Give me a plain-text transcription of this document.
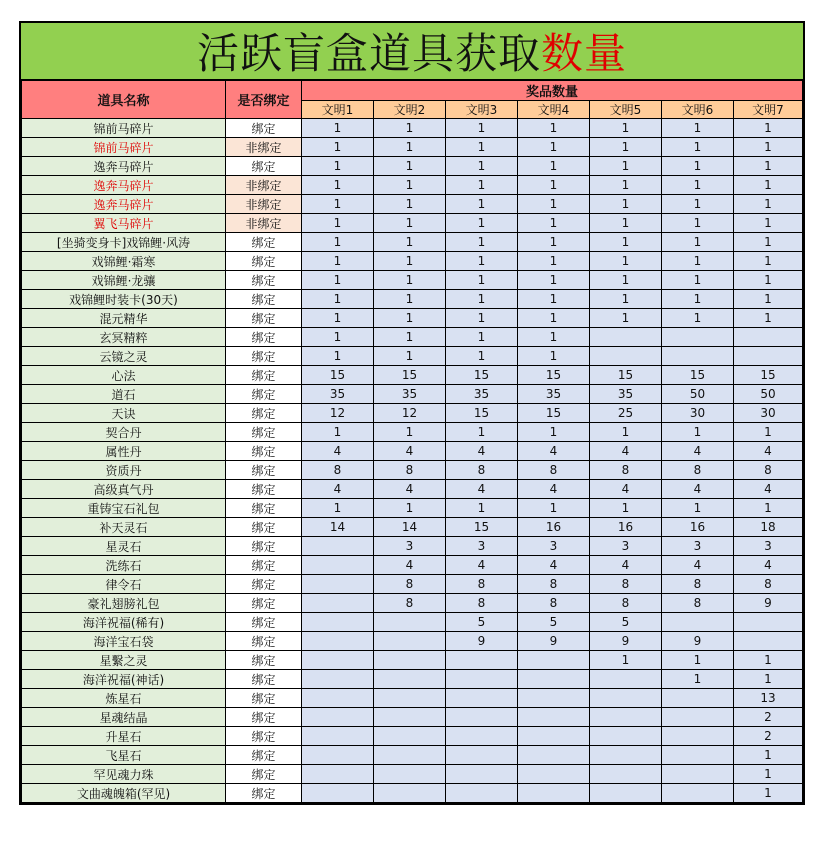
活跃盲盒道具获取 数量
道具名称	是否绑定	奖品数量						
		文明1	文明2	文明3	文明4	文明5	文明6	文明7
锦前马碎片	绑定	1	1	1	1	1	1	1
锦前马碎片	非绑定	1	1	1	1	1	1	1
逸奔马碎片	绑定	1	1	1	1	1	1	1
逸奔马碎片	非绑定	1	1	1	1	1	1	1
逸奔马碎片	非绑定	1	1	1	1	1	1	1
翼飞马碎片	非绑定	1	1	1	1	1	1	1
[坐骑变身卡]戏锦鲤·风涛	绑定	1	1	1	1	1	1	1
戏锦鲤·霜寒	绑定	1	1	1	1	1	1	1
戏锦鲤·龙骧	绑定	1	1	1	1	1	1	1
戏锦鲤时装卡(30天)	绑定	1	1	1	1	1	1	1
混元精华	绑定	1	1	1	1	1	1	1
玄冥精粹	绑定	1	1	1	1			
云镜之灵	绑定	1	1	1	1			
心法	绑定	15	15	15	15	15	15	15
道石	绑定	35	35	35	35	35	50	50
天诀	绑定	12	12	15	15	25	30	30
契合丹	绑定	1	1	1	1	1	1	1
属性丹	绑定	4	4	4	4	4	4	4
资质丹	绑定	8	8	8	8	8	8	8
高级真气丹	绑定	4	4	4	4	4	4	4
重铸宝石礼包	绑定	1	1	1	1	1	1	1
补天灵石	绑定	14	14	15	16	16	16	18
星灵石	绑定		3	3	3	3	3	3
洗练石	绑定		4	4	4	4	4	4
律令石	绑定		8	8	8	8	8	8
豪礼翅膀礼包	绑定		8	8	8	8	8	9
海洋祝福(稀有)	绑定			5	5	5		
海洋宝石袋	绑定			9	9	9	9	
星繫之灵	绑定					1	1	1
海洋祝福(神话)	绑定						1	1
炼星石	绑定							13
星魂结晶	绑定							2
升星石	绑定							2
飞星石	绑定							1
罕见魂力珠	绑定							1
文曲魂魄箱(罕见)	绑定							1
